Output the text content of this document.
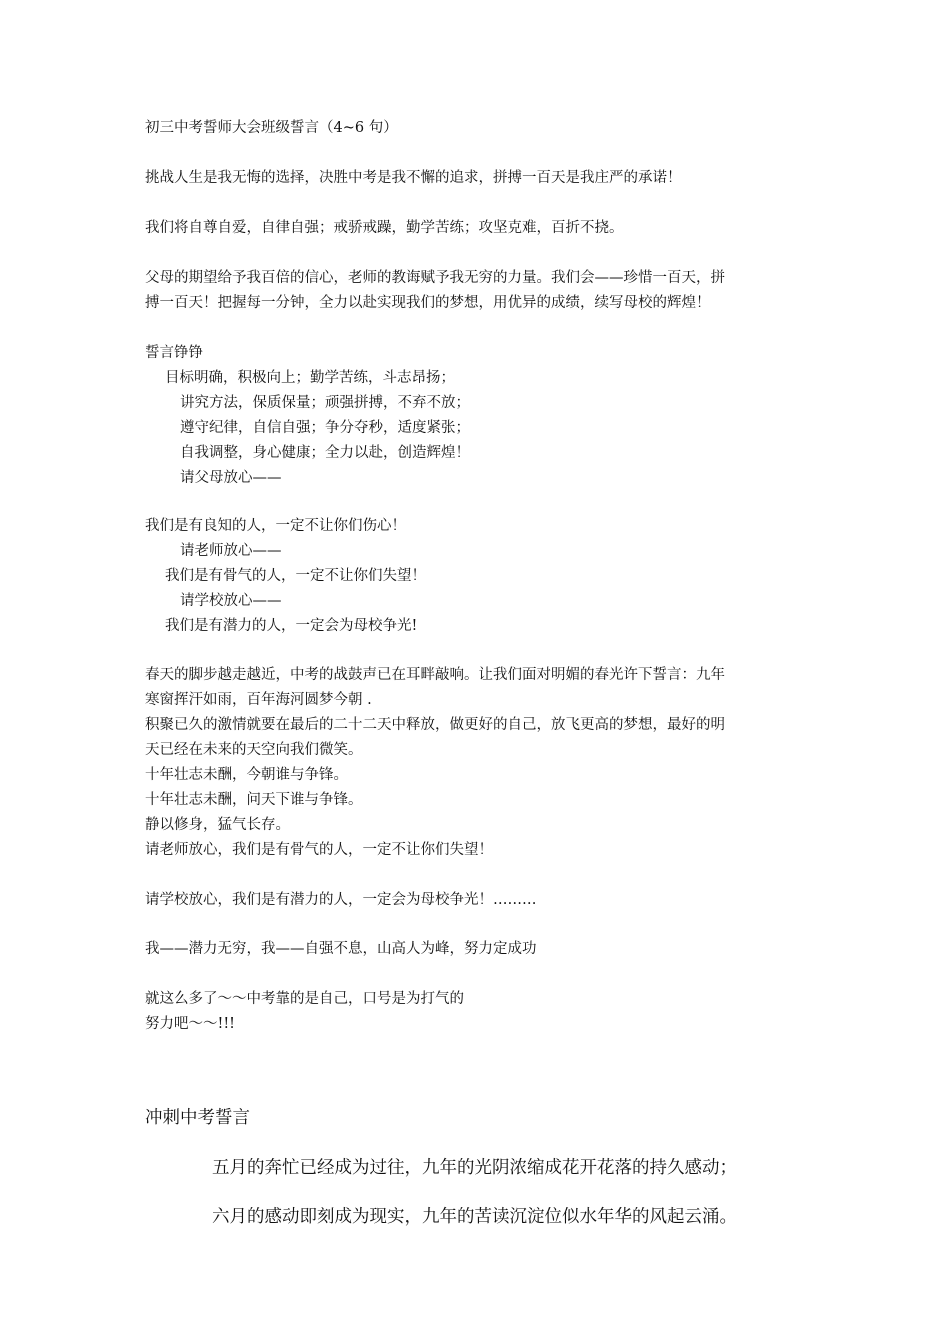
初三中考誓师大会班级誓言（4~6 句）
挑战人生是我无悔的选择，决胜中考是我不懈的追求，拼搏一百天是我庄严的承诺！
我们将自尊自爱，自律自强；戒骄戒躁，勤学苦练；攻坚克难，百折不挠。
父母的期望给予我百倍的信心，老师的教诲赋予我无穷的力量。我们会——珍惜一百天，拼
搏一百天！把握每一分钟，全力以赴实现我们的梦想，用优异的成绩，续写母校的辉煌！
誓言铮铮
目标明确，积极向上；勤学苦练，斗志昂扬；
讲究方法，保质保量；顽强拼搏，不弃不放；
遵守纪律，自信自强；争分夺秒，适度紧张；
自我调整，身心健康；全力以赴，创造辉煌！
请父母放心——
我们是有良知的人，一定不让你们伤心！
请老师放心——
我们是有骨气的人，一定不让你们失望！
请学校放心——
我们是有潜力的人，一定会为母校争光!
春天的脚步越走越近，中考的战鼓声已在耳畔敲响。让我们面对明媚的春光许下誓言：九年
寒窗挥汗如雨，百年海河圆梦今朝 .
积聚已久的激情就要在最后的二十二天中释放，做更好的自己，放飞更高的梦想，最好的明
天已经在未来的天空向我们微笑。
十年壮志未酬，今朝谁与争锋。
十年壮志未酬，问天下谁与争锋。
静以修身，猛气长存。
请老师放心，我们是有骨气的人，一定不让你们失望！
请学校放心，我们是有潜力的人，一定会为母校争光！………
我——潜力无穷，我——自强不息，山高人为峰，努力定成功
就这么多了～～中考靠的是自己，口号是为打气的
努力吧～～!!!
冲刺中考誓言
五月的奔忙已经成为过往，九年的光阴浓缩成花开花落的持久感动；
六月的感动即刻成为现实，九年的苦读沉淀位似水年华的风起云涌。
